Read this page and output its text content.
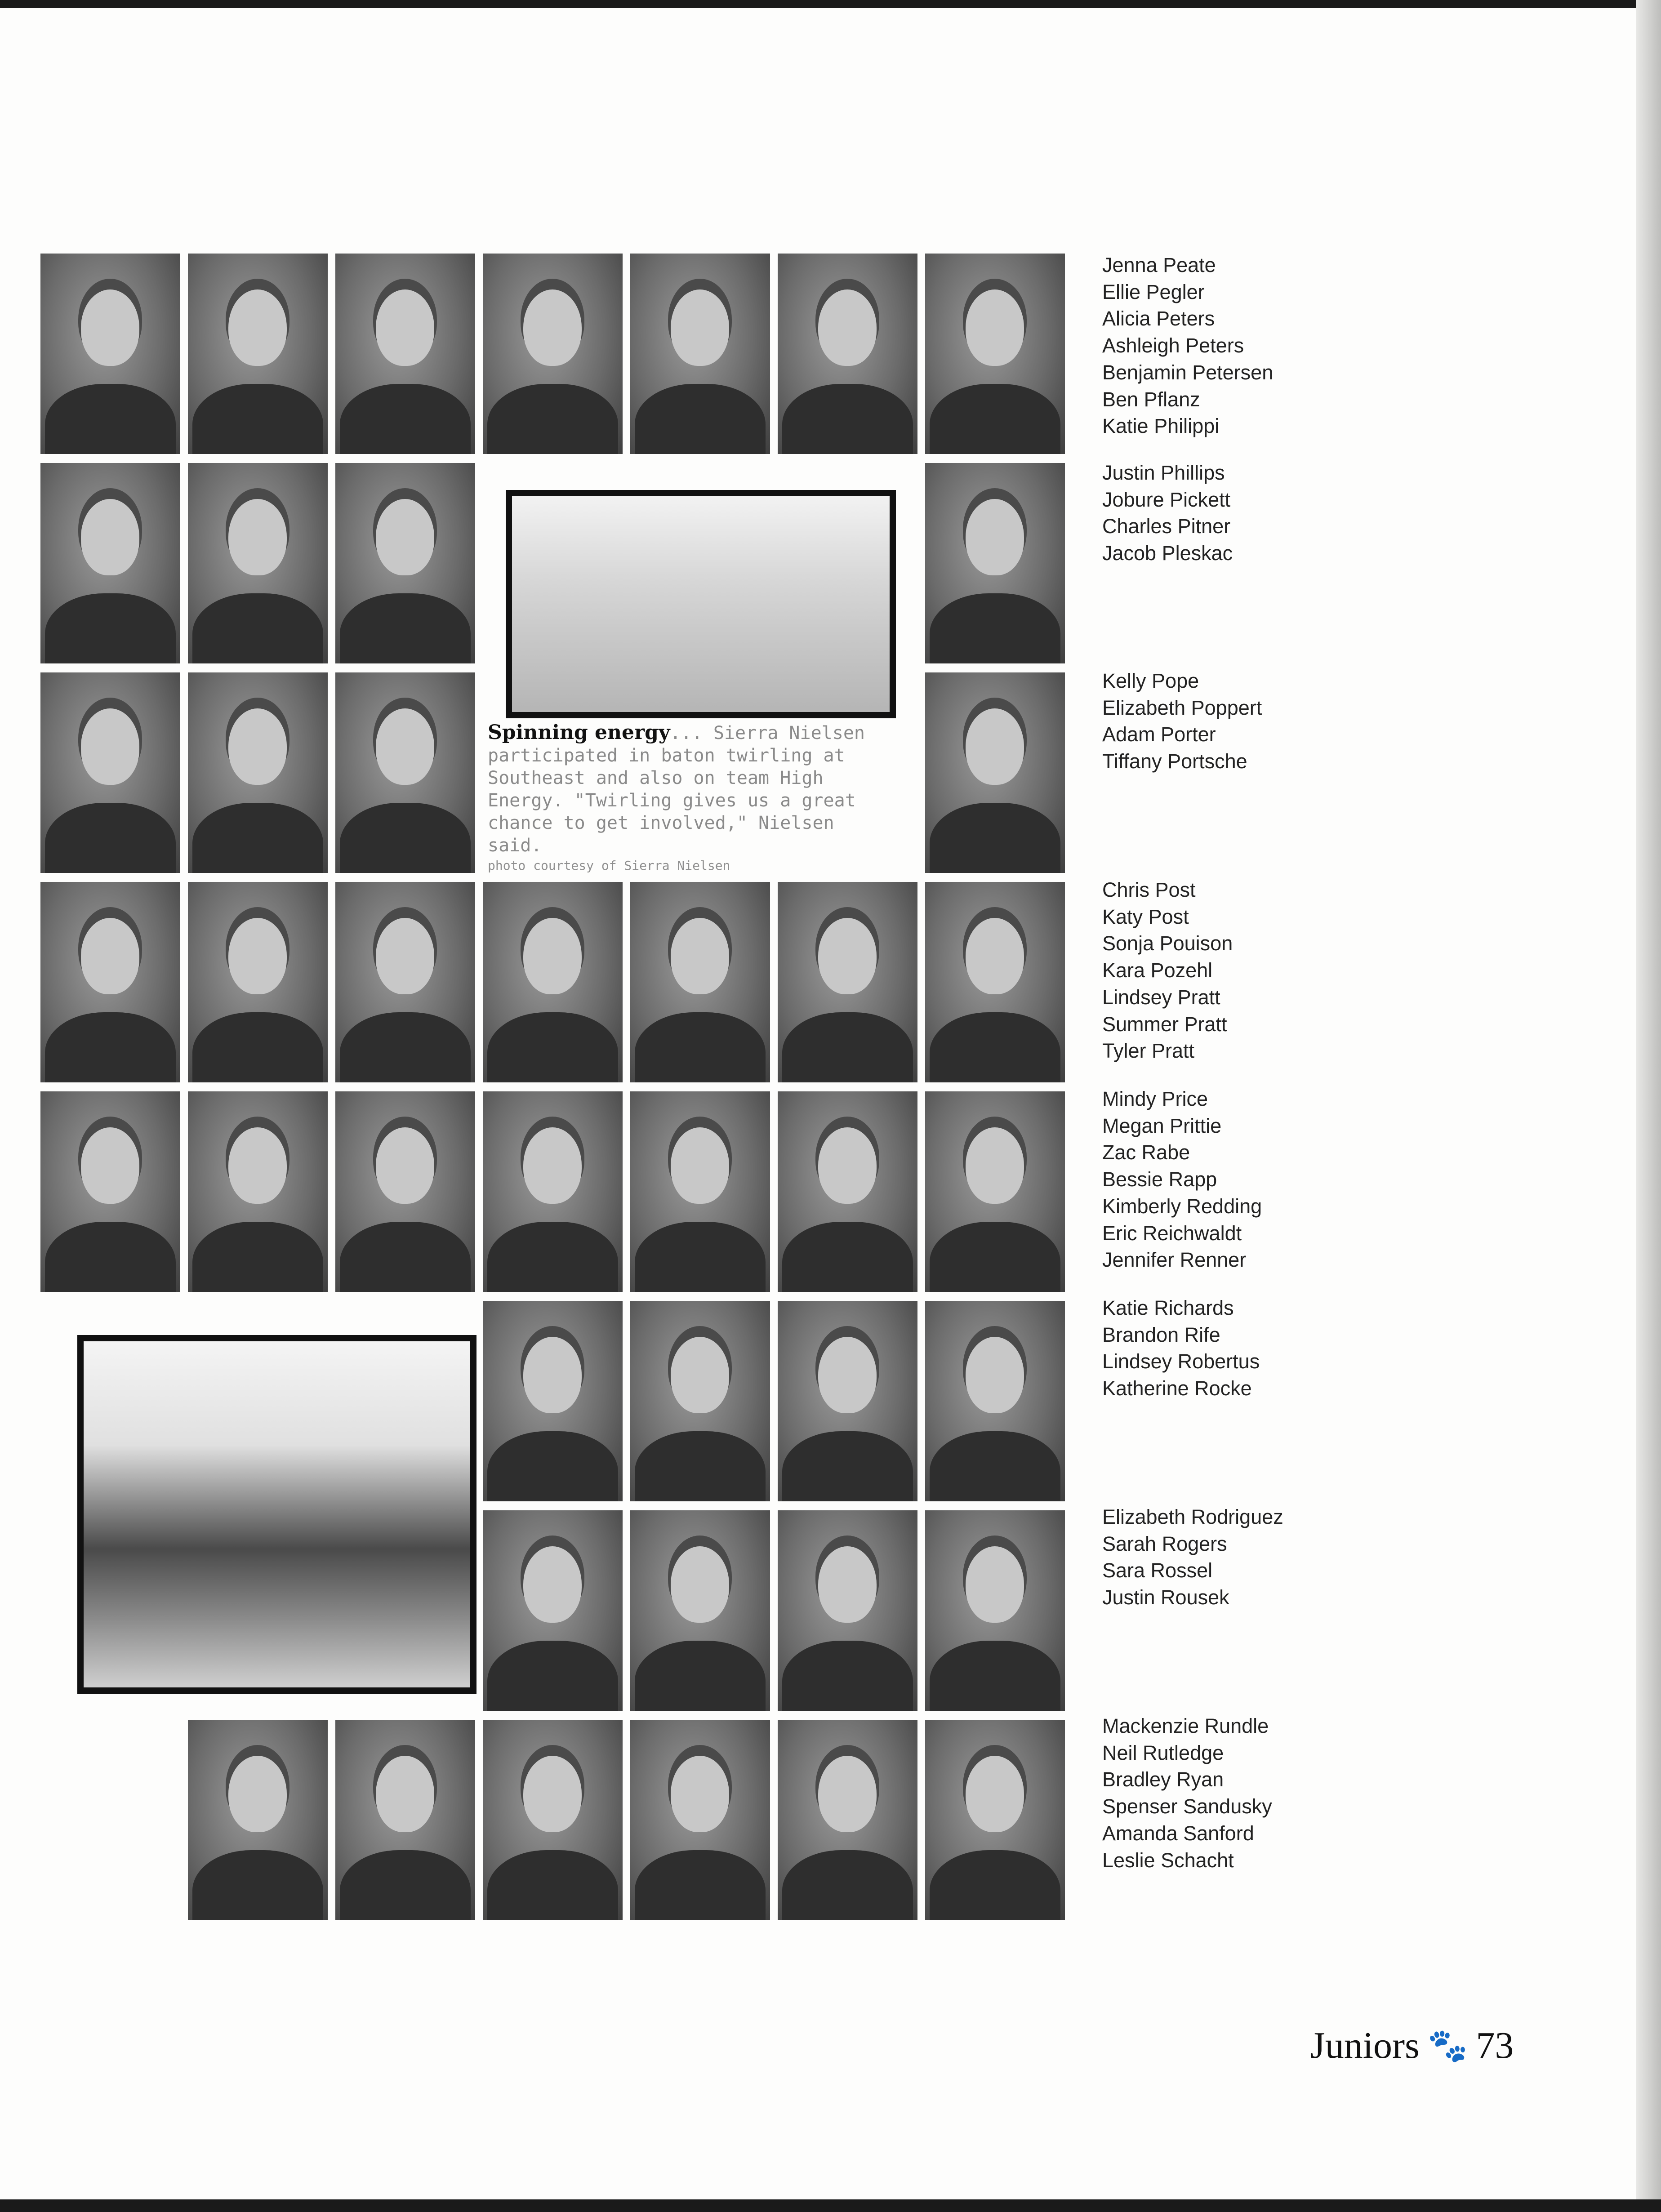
Spinning energy... Sierra Nielsen participated in baton twirling at Southeast and also on team High Energy. "Twirling gives us a great chance to get involved," Nielsen said.
photo courtesy of Sierra Nielsen
Jenna Peate
Ellie Pegler
Alicia Peters
Ashleigh Peters
Benjamin Petersen
Ben Pflanz
Katie Philippi
Justin Phillips
Jobure Pickett
Charles Pitner
Jacob Pleskac
Kelly Pope
Elizabeth Poppert
Adam Porter
Tiffany Portsche
Chris Post
Katy Post
Sonja Pouison
Kara Pozehl
Lindsey Pratt
Summer Pratt
Tyler Pratt
Mindy Price
Megan Prittie
Zac Rabe
Bessie Rapp
Kimberly Redding
Eric Reichwaldt
Jennifer Renner
Katie Richards
Brandon Rife
Lindsey Robertus
Katherine Rocke
Elizabeth Rodriguez
Sarah Rogers
Sara Rossel
Justin Rousek
Mackenzie Rundle
Neil Rutledge
Bradley Ryan
Spenser Sandusky
Amanda Sanford
Leslie Schacht
Juniors 🐾 73
